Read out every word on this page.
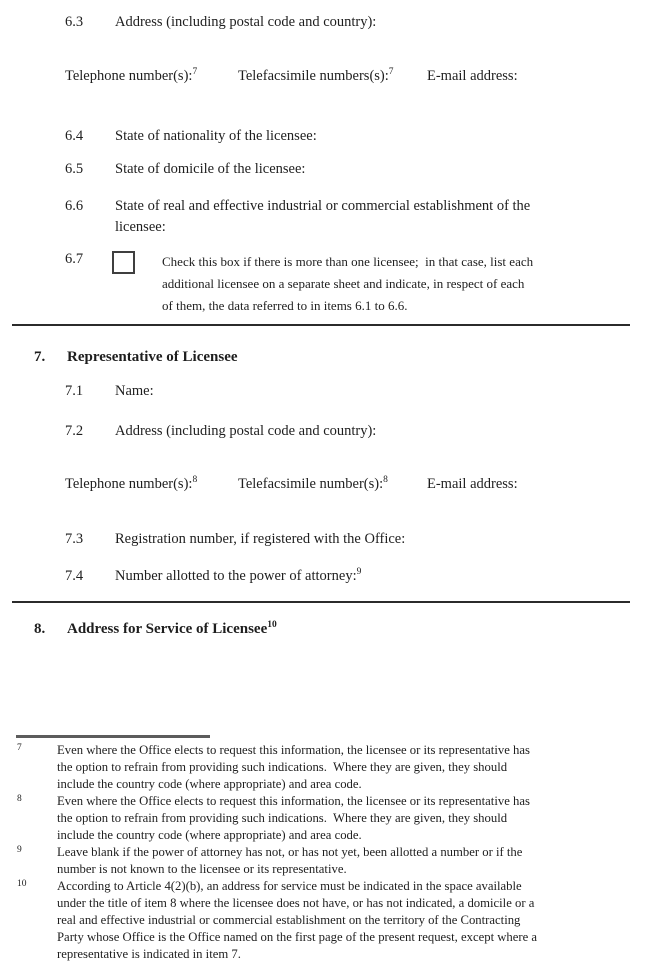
6.3	Address (including postal code and country):
Telephone number(s):$^7$	Telefacsimile numbers(s):$^7$	E-mail address:
6.4	State of nationality of the licensee:
6.5	State of domicile of the licensee:
6.6	State of real and effective industrial or commercial establishment of the
licensee:
6.7	Check this box if there is more than one licensee;  in that case, list each
additional licensee on a separate sheet and indicate, in respect of each
of them, the data referred to in items 6.1 to 6.6.
7.	Representative of Licensee
7.1	Name:
7.2	Address (including postal code and country):
Telephone number(s):$^8$	Telefacsimile number(s):$^8$	E-mail address:
7.3	Registration number, if registered with the Office:
7.4	Number allotted to the power of attorney:$^9$
8.	Address for Service of Licensee$^{10}$
7	Even where the Office elects to request this information, the licensee or its representative has
the option to refrain from providing such indications.  Where they are given, they should
include the country code (where appropriate) and area code.
8	Even where the Office elects to request this information, the licensee or its representative has
the option to refrain from providing such indications.  Where they are given, they should
include the country code (where appropriate) and area code.
9	Leave blank if the power of attorney has not, or has not yet, been allotted a number or if the
number is not known to the licensee or its representative.
10 According to Article 4(2)(b), an address for service must be indicated in the space available
under the title of item 8 where the licensee does not have, or has not indicated, a domicile or a
real and effective industrial or commercial establishment on the territory of the Contracting
Party whose Office is the Office named on the first page of the present request, except where a
representative is indicated in item 7.
